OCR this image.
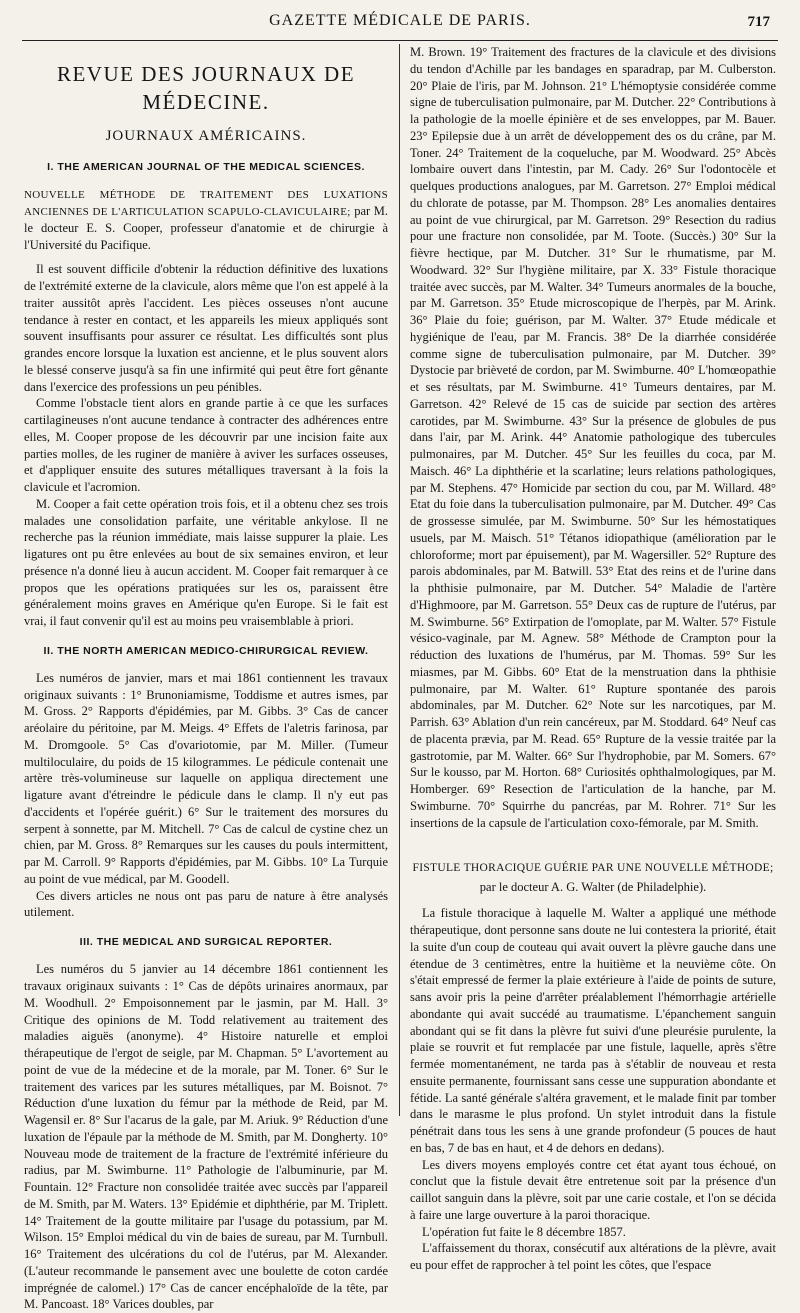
GAZETTE MÉDICALE DE PARIS.	717
REVUE DES JOURNAUX DE MÉDECINE.
JOURNAUX AMÉRICAINS.
I. THE AMERICAN JOURNAL OF THE MEDICAL SCIENCES.

NOUVELLE MÉTHODE DE TRAITEMENT DES LUXATIONS ANCIENNES DE L'ARTICULATION SCAPULO-CLAVICULAIRE; par M. le docteur E. S. Cooper, professeur d'anatomie et de chirurgie à l'Université du Pacifique.

Il est souvent difficile d'obtenir la réduction définitive des luxations de l'extrémité externe de la clavicule, alors même que l'on est appelé à la traiter aussitôt après l'accident. Les pièces osseuses n'ont aucune tendance à rester en contact, et les appareils les mieux appliqués sont souvent insuffisants pour assurer ce résultat. Les difficultés sont plus grandes encore lorsque la luxation est ancienne, et le plus souvent alors le blessé conserve jusqu'à sa fin une infirmité qui peut être fort gênante dans l'exercice des professions un peu pénibles.

Comme l'obstacle tient alors en grande partie à ce que les surfaces cartilagineuses n'ont aucune tendance à contracter des adhérences entre elles, M. Cooper propose de les découvrir par une incision faite aux parties molles, de les ruginer de manière à aviver les surfaces osseuses, et d'appliquer ensuite des sutures métalliques traversant à la fois la clavicule et l'acromion.

M. Cooper a fait cette opération trois fois, et il a obtenu chez ses trois malades une consolidation parfaite, une véritable ankylose. Il ne recherche pas la réunion immédiate, mais laisse suppurer la plaie. Les ligatures ont pu être enlevées au bout de six semaines environ, et leur présence n'a donné lieu à aucun accident. M. Cooper fait remarquer à ce propos que les opérations pratiquées sur les os, paraissent être généralement moins graves en Amérique qu'en Europe. Si le fait est vrai, il faut convenir qu'il est au moins peu vraisemblable à priori.

II. THE NORTH AMERICAN MEDICO-CHIRURGICAL REVIEW.

Les numéros de janvier, mars et mai 1861 contiennent les travaux originaux suivants : 1° Brunoniamisme, Toddisme et autres ismes, par M. Gross. 2° Rapports d'épidémies, par M. Gibbs. 3° Cas de cancer aréolaire du péritoine, par M. Meigs. 4° Effets de l'aletris farinosa, par M. Dromgoole. 5° Cas d'ovariotomie, par M. Miller. (Tumeur multiloculaire, du poids de 15 kilogrammes. Le pédicule contenait une artère très-volumineuse sur laquelle on appliqua directement une ligature avant d'étreindre le pédicule dans le clamp. Il n'y eut pas d'accidents et l'opérée guérit.) 6° Sur le traitement des morsures du serpent à sonnette, par M. Mitchell. 7° Cas de calcul de cystine chez un chien, par M. Gross. 8° Remarques sur les causes du pouls intermittent, par M. Carroll. 9° Rapports d'épidémies, par M. Gibbs. 10° La Turquie au point de vue médical, par M. Goodell.

Ces divers articles ne nous ont pas paru de nature à être analysés utilement.

III. THE MEDICAL AND SURGICAL REPORTER.

Les numéros du 5 janvier au 14 décembre 1861 contiennent les travaux originaux suivants : 1° Cas de dépôts urinaires anormaux, par M. Woodhull. 2° Empoisonnement par le jasmin, par M. Hall. 3° Critique des opinions de M. Todd relativement au traitement des maladies aiguës (anonyme). 4° Histoire naturelle et emploi thérapeutique de l'ergot de seigle, par M. Chapman. 5° L'avortement au point de vue de la médecine et de la morale, par M. Toner. 6° Sur le traitement des varices par les sutures métalliques, par M. Boisnot. 7° Réduction d'une luxation du fémur par la méthode de Reid, par M. Wagensil er. 8° Sur l'acarus de la gale, par M. Ariuk. 9° Réduction d'une luxation de l'épaule par la méthode de M. Smith, par M. Dongherty. 10° Nouveau mode de traitement de la fracture de l'extrémité inférieure du radius, par M. Swimburne. 11° Pathologie de l'albuminurie, par M. Fountain. 12° Fracture non consolidée traitée avec succès par l'appareil de M. Smith, par M. Waters. 13° Epidémie et diphthérie, par M. Triplett. 14° Traitement de la goutte militaire par l'usage du potassium, par M. Wilson. 15° Emploi médical du vin de baies de sureau, par M. Turnbull. 16° Traitement des ulcérations du col de l'utérus, par M. Alexander. (L'auteur recommande le pansement avec une boulette de coton cardée imprégnée de calomel.) 17° Cas de cancer encéphaloïde de la tête, par M. Pancoast. 18° Varices doubles, par

M. Brown. 19° Traitement des fractures de la clavicule et des divisions du tendon d'Achille par les bandages en sparadrap, par M. Culberston. 20° Plaie de l'iris, par M. Johnson. 21° L'hémoptysie considérée comme signe de tuberculisation pulmonaire, par M. Dutcher. 22° Contributions à la pathologie de la moelle épinière et de ses enveloppes, par M. Bauer. 23° Epilepsie due à un arrêt de développement des os du crâne, par M. Toner. 24° Traitement de la coqueluche, par M. Woodward. 25° Abcès lombaire ouvert dans l'intestin, par M. Cady. 26° Sur l'odontocèle et quelques productions analogues, par M. Garretson. 27° Emploi médical du chlorate de potasse, par M. Thompson. 28° Les anomalies dentaires au point de vue chirurgical, par M. Garretson. 29° Resection du radius pour une fracture non consolidée, par M. Toote. (Succès.) 30° Sur la fièvre hectique, par M. Dutcher. 31° Sur le rhumatisme, par M. Woodward. 32° Sur l'hygiène militaire, par X. 33° Fistule thoracique traitée avec succès, par M. Walter. 34° Tumeurs anormales de la bouche, par M. Garretson. 35° Etude microscopique de l'herpès, par M. Arink. 36° Plaie du foie; guérison, par M. Walter. 37° Etude médicale et hygiénique de l'eau, par M. Francis. 38° De la diarrhée considérée comme signe de tuberculisation pulmonaire, par M. Dutcher. 39° Dystocie par brièveté de cordon, par M. Swimburne. 40° L'homœopathie et ses résultats, par M. Swimburne. 41° Tumeurs dentaires, par M. Garretson. 42° Relevé de 15 cas de suicide par section des artères carotides, par M. Swimburne. 43° Sur la présence de globules de pus dans l'air, par M. Arink. 44° Anatomie pathologique des tubercules pulmonaires, par M. Dutcher. 45° Sur les feuilles du coca, par M. Maisch. 46° La diphthérie et la scarlatine; leurs relations pathologiques, par M. Stephens. 47° Homicide par section du cou, par M. Willard. 48° Etat du foie dans la tuberculisation pulmonaire, par M. Dutcher. 49° Cas de grossesse simulée, par M. Swimburne. 50° Sur les hémostatiques usuels, par M. Maisch. 51° Tétanos idiopathique (amélioration par le chloroforme; mort par épuisement), par M. Wagersiller. 52° Rupture des parois abdominales, par M. Batwill. 53° Etat des reins et de l'urine dans la phthisie pulmonaire, par M. Dutcher. 54° Maladie de l'artère d'Highmoore, par M. Garretson. 55° Deux cas de rupture de l'utérus, par M. Swimburne. 56° Extirpation de l'omoplate, par M. Walter. 57° Fistule vésico-vaginale, par M. Agnew. 58° Méthode de Crampton pour la réduction des luxations de l'humérus, par M. Thomas. 59° Sur les miasmes, par M. Gibbs. 60° Etat de la menstruation dans la phthisie pulmonaire, par M. Walter. 61° Rupture spontanée des parois abdominales, par M. Dutcher. 62° Note sur les narcotiques, par M. Parrish. 63° Ablation d'un rein cancéreux, par M. Stoddard. 64° Neuf cas de placenta prævia, par M. Read. 65° Rupture de la vessie traitée par la gastrotomie, par M. Walter. 66° Sur l'hydrophobie, par M. Somers. 67° Sur le kousso, par M. Horton. 68° Curiosités ophthalmologiques, par M. Homberger. 69° Resection de l'articulation de la hanche, par M. Swimburne. 70° Squirrhe du pancréas, par M. Rohrer. 71° Sur les insertions de la capsule de l'articulation coxo-fémorale, par M. Smith.

FISTULE THORACIQUE GUÉRIE PAR UNE NOUVELLE MÉTHODE;
par le docteur A. G. Walter (de Philadelphie).

La fistule thoracique à laquelle M. Walter a appliqué une méthode thérapeutique, dont personne sans doute ne lui contestera la priorité, était la suite d'un coup de couteau qui avait ouvert la plèvre gauche dans une étendue de 3 centimètres, entre la huitième et la neuvième côte. On s'était empressé de fermer la plaie extérieure à l'aide de points de suture, sans avoir pris la peine d'arrêter préalablement l'hémorrhagie artérielle abondante qui avait succédé au traumatisme. L'épanchement sanguin abondant qui se fit dans la plèvre fut suivi d'une pleurésie purulente, la plaie se rouvrit et fut remplacée par une fistule, laquelle, après s'être fermée momentanément, ne tarda pas à s'établir de nouveau et resta ensuite permanente, fournissant sans cesse une suppuration abondante et fétide. La santé générale s'altéra gravement, et le malade finit par tomber dans le marasme le plus profond. Un stylet introduit dans la fistule pénétrait dans tous les sens à une grande profondeur (5 pouces de haut en bas, 7 de bas en haut, et 4 de dehors en dedans).

Les divers moyens employés contre cet état ayant tous échoué, on conclut que la fistule devait être entretenue soit par la présence d'un caillot sanguin dans la plèvre, soit par une carie costale, et l'on se décida à faire une large ouverture à la paroi thoracique.

L'opération fut faite le 8 décembre 1857.

L'affaissement du thorax, consécutif aux altérations de la plèvre, avait eu pour effet de rapprocher à tel point les côtes, que l'espace
